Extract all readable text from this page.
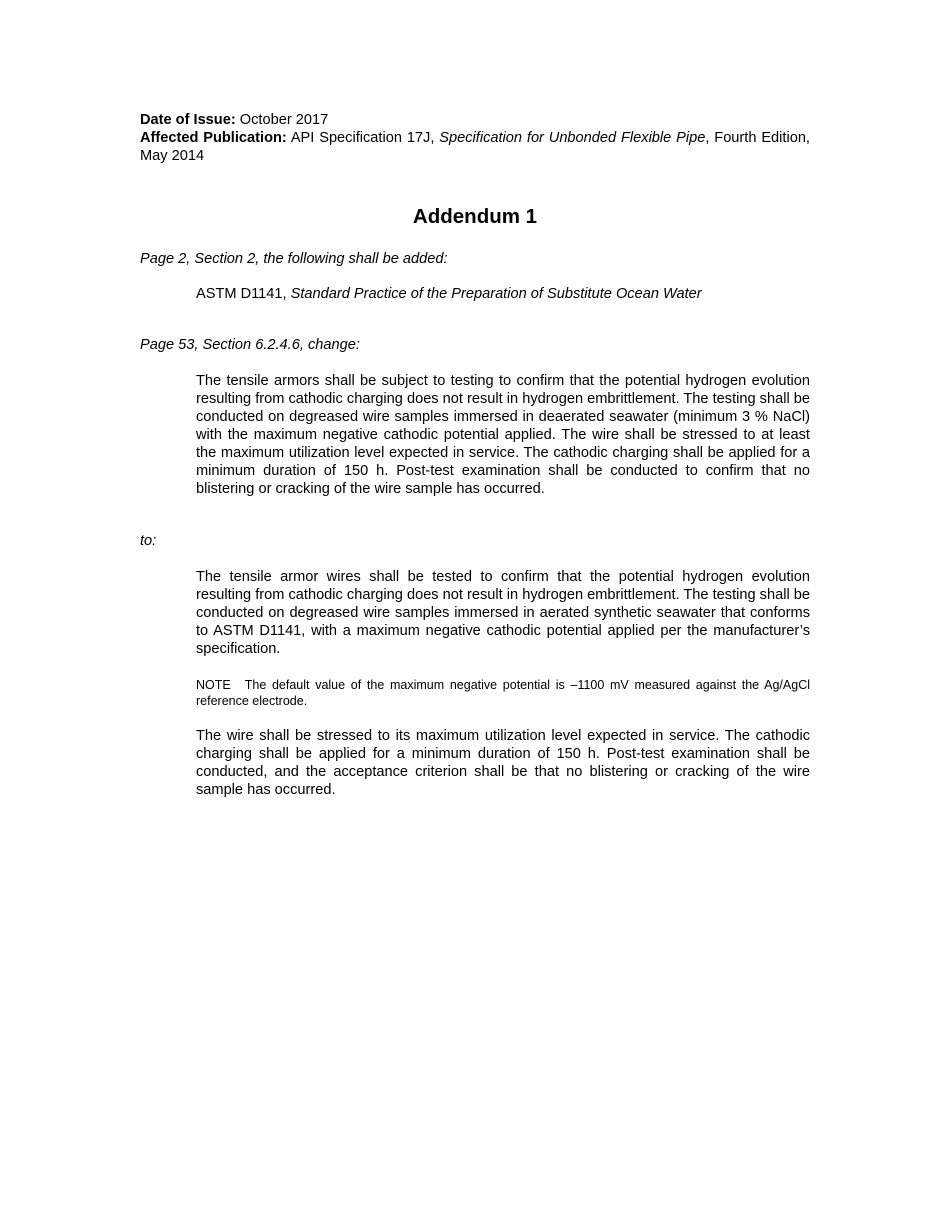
Date of Issue: October 2017
Affected Publication: API Specification 17J, Specification for Unbonded Flexible Pipe, Fourth Edition, May 2014
Addendum 1

Page 2, Section 2, the following shall be added:

ASTM D1141, Standard Practice of the Preparation of Substitute Ocean Water

Page 53, Section 6.2.4.6, change:

The tensile armors shall be subject to testing to confirm that the potential hydrogen evolution resulting from cathodic charging does not result in hydrogen embrittlement. The testing shall be conducted on degreased wire samples immersed in deaerated seawater (minimum 3 % NaCl) with the maximum negative cathodic potential applied. The wire shall be stressed to at least the maximum utilization level expected in service. The cathodic charging shall be applied for a minimum duration of 150 h. Post-test examination shall be conducted to confirm that no blistering or cracking of the wire sample has occurred.

to:

The tensile armor wires shall be tested to confirm that the potential hydrogen evolution resulting from cathodic charging does not result in hydrogen embrittlement. The testing shall be conducted on degreased wire samples immersed in aerated synthetic seawater that conforms to ASTM D1141, with a maximum negative cathodic potential applied per the manufacturer’s specification.

NOTE The default value of the maximum negative potential is –1100 mV measured against the Ag/AgCl reference electrode.

The wire shall be stressed to its maximum utilization level expected in service. The cathodic charging shall be applied for a minimum duration of 150 h. Post-test examination shall be conducted, and the acceptance criterion shall be that no blistering or cracking of the wire sample has occurred.
